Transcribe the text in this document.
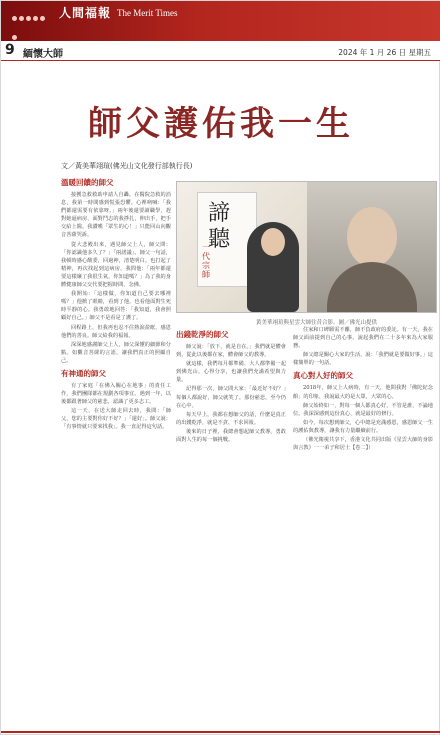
人間福報 The Merit Times
9 緬懷大師	2024 年 1 月 26 日 星期五
師父護佑我一生
文／黃美華翊瑄(佛光山文化發行部執行長)
諦聽
一代宗師
黃美華翊瑄與星雲大師往昔合影。圖／佛光山提供
溫暖回饋的師父

接獲急救救助申請人自轟。在醫院急救的消息，我第一時間感到慌張恐懼。心裡吶喊：「我們都還需要有依靠呀。」兩年後還要讀職學，趕對她逼病房，面對鬥志的我掙扎，伸出手，把手交給上醫。我讚嘆「眾生的心！」只能回山向觀音菩薩哭訴。

從大悲殿出來，遇見師父上人，師父問：「你認識他多久了？」「兩諾議」。師父一句話，我頓時感心酸委，回過神，清楚明白。也打起了精神，再次找起到這病房，我問他：「兩年都還要這樣廉了我很生氣，你知道嗎？」為了我的身體健康師父交代要把握時間，念佛。

我開始：「這樣做，你知道自己要去哪裡嗎？」他掀了眼睛，看到了他，也看他面對生死時平靜的心。我勇敢地回答：「我知道，我會照顧好自己。」師父不是看是了護了。

回程路上，但我再也忍不住熱淚盈眶，感恩他們的善良。師父給我的福報。

深深地感謝師父上人，師父深懂的細節和分點。如觀音菩薩的言語，讓我們真正的照顧自己。

有神通的師父

有了家庭「在佛入關心在地事」的責任工作，我們團隊都在規劃各項事宜。遇到一年，以後都跟著師父的慈悲，認識了更多志工。

這一天，在送大師走回去時，我問：「師父，您的主要對你好不好？」「還好」。師父說：「有事情就只要來找我」。我一直記得這句話。

出錢乾淨的師父

師父說：「放下，就是自在。」我們就是體會到，從此以後都在家，體會師父的教導。

就這樣，我們每月都準備、大人都準備一起到佛光山，心得分享，也讓我們充滿希望與力量。

記得那一次，師父問大家：「最近好不好？」每個人都說好，師父就笑了。那份慈悲，至今仍在心中。

每天早上，我都在想師父的話，什麼是真正的出錢乾淨，就是不貪、不求回報。

後來的日子裡，我總會想起師父教導，勇敢面對人生的每一個挑戰。

住家和口碑願需不離，師不負政府的委託。有一天，我在師父面前提到自己的心事，說起我們在二十多年來為大家服務。

師父總是關心大家的生活，說：「我們就是要做好事。」這樣簡單的一句話。

真心對人好的師父

2018年，師父上人病時，有一天，他問我對「佛陀紀念館」的印象，我說最大的是大眾，大眾的心。

師父始終如一，對每一個人都真心好，不管是誰，不論地位。我深深感到這份真心，就是最好的修行。

如今，每次想到師父，心中總是充滿感恩，感恩師父一生的護佑與教導，讓我有力量繼續前行。

（佛光衛視共享下，香港文化共同出版《星雲大師的身影與言教》一一弟子和居士【卷二】）
